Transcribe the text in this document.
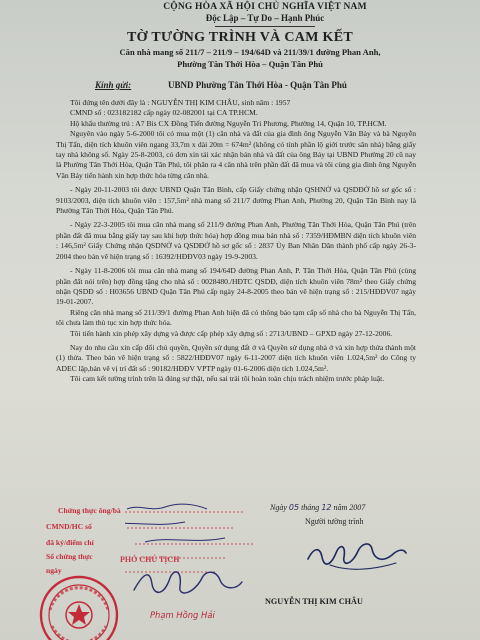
CỘNG HÒA XÃ HỘI CHỦ NGHĨA VIỆT NAM
Độc Lập – Tự Do – Hạnh Phúc
TỜ TƯỜNG TRÌNH VÀ CAM KẾT
Căn nhà mang số 211/7 – 211/9 – 194/64D và 211/39/1 đường Phan Anh,
Phường Tân Thới Hòa – Quận Tân Phú
Kính gửi:	UBND Phường Tân Thới Hòa - Quận Tân Phú

Tôi đứng tên dưới đây là : NGUYỄN THỊ KIM CHÂU, sinh năm : 1957

CMND số : 023182182 cấp ngày 02-082001 tại CA TP.HCM.

Hộ khẩu thường trú : A7 Bis CX Đồng Tiến đường Nguyễn Tri Phương, Phường 14, Quận 10, TP.HCM.

Nguyên vào ngày 5-6-2000 tôi có mua một (1) căn nhà và đất của gia đình ông Nguyễn Văn Bảy và bà Nguyễn Thị Tấn, diện tích khuôn viên ngang 33,7m x dài 20m = 674m² (không có tính phần lộ giới trước sân nhà) bằng giấy tay nhà không số. Ngày 25-8-2003, có đơn xin tái xác nhận bán nhà và đất của ông Bảy tại UBND Phường 20 cũ nay là Phường Tân Thới Hòa, Quận Tân Phú, tôi phân ra 4 căn nhà trên phần đất đã mua và tôi cùng gia đình ông Nguyễn Văn Bảy tiến hành xin hợp thức hóa từng căn nhà.

- Ngày 20-11-2003 tôi được UBND Quận Tân Bình, cấp Giấy chứng nhận QSHNỞ và QSDĐỞ hồ sơ gốc số : 9103/2003, diện tích khuôn viên : 157,5m² nhà mang số 211/7 đường Phan Anh, Phường 20, Quận Tân Bình nay là Phường Tân Thới Hòa, Quận Tân Phú.

- Ngày 22-3-2005 tôi mua căn nhà mang số 211/9 đường Phan Anh, Phường Tân Thới Hòa, Quận Tân Phú (trên phần đất đã mua bằng giấy tay sau khi hợp thức hóa) hợp đồng mua bán nhà số : 7359/HĐMBN diện tích khuôn viên : 146,5m² Giấy Chứng nhận QSDNỞ và QSDĐỞ hồ sơ gốc số : 2837 Ủy Ban Nhân Dân thành phố cấp ngày 26-3-2004 theo bản vẽ hiện trạng số : 16392/HĐĐV03 ngày 19-9-2003.

- Ngày 11-8-2006 tôi mua căn nhà mang số 194/64D đường Phan Anh, P. Tân Thới Hòa, Quận Tân Phú (cùng phần đất nói trên) hợp đồng tặng cho nhà số : 0028480./HĐTC QSDĐ, diện tích khuôn viên 78m² theo Giấy chứng nhận QSDĐ số : H03656 UBND Quận Tân Phú cấp ngày 24-8-2005 theo bản vẽ hiện trạng số : 215/HĐĐV07 ngày 19-01-2007.

Riêng căn nhà mang số 211/39/1 đường Phan Anh hiện đã có thông báo tạm cấp số nhà cho bà Nguyễn Thị Tấn, tôi chưa làm thủ tục xin hợp thức hóa.

Tôi tiến hành xin phép xây dựng và được cấp phép xây dựng số : 2713/UBND – GPXD ngày 27-12-2006.

Nay do nhu cầu xin cấp đổi chủ quyền, Quyền sử dụng đất ở và Quyền sử dụng nhà ở và xin hợp thửa thành một (1) thửa. Theo bản vẽ hiện trạng số : 5822/HĐĐV07 ngày 6-11-2007 diện tích khuôn viên 1.024,5m² do Công ty ADEC lập,bản vẽ vị trí đất số : 90182/HĐĐV VPTP ngày 01-6-2006 diện tích 1.024,5m².

Tôi cam kết tường trình trên là đúng sự thật, nếu sai trái tôi hoàn toàn chịu trách nhiệm trước pháp luật.

Ngày 05 tháng 12 năm 2007
Người tường trình
NGUYỄN THỊ KIM CHÂU
Chứng thực ông/bà
CMND/HC số
đã ký/điểm chỉ
Số chứng thực
ngày
PHÓ CHỦ TỊCH
Phạm Hồng Hải
